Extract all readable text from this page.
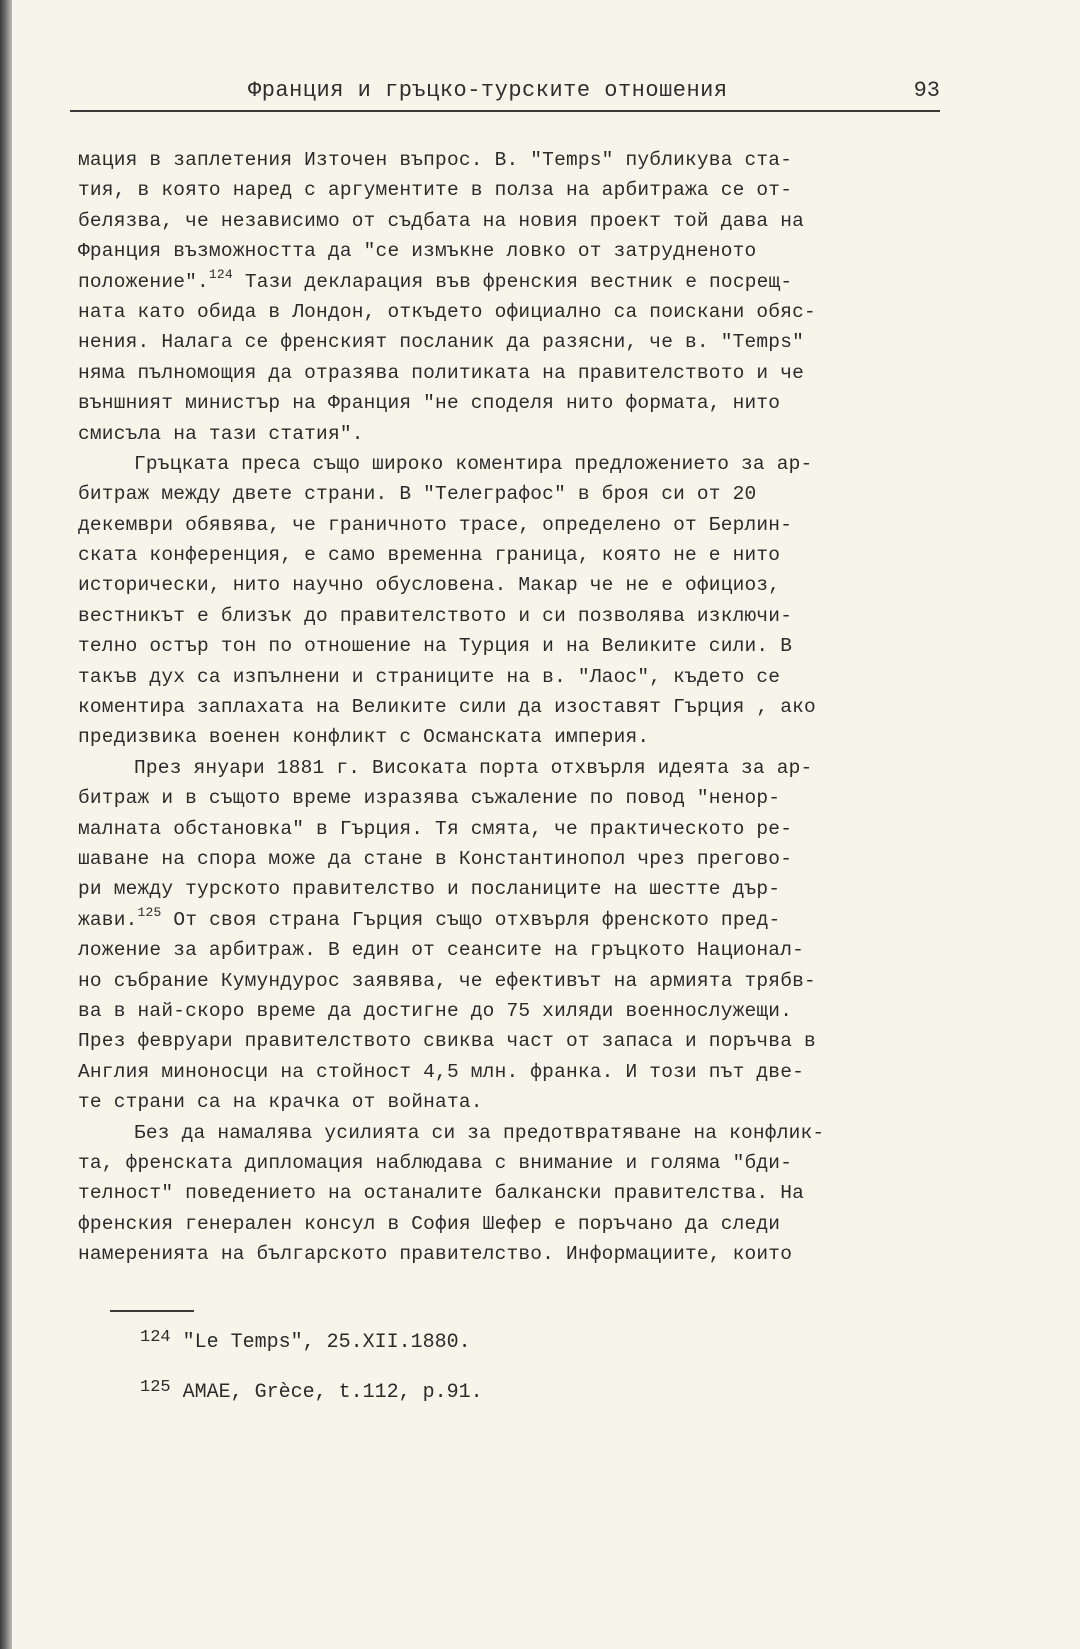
Франция и гръцко-турските отношения	93
мация в заплетения Източен въпрос. В. "Temps" публикува ста-
тия, в която наред с аргументите в полза на арбитража се от-
белязва, че независимо от съдбата на новия проект той дава на
Франция възможността да "се измъкне ловко от затрудненото
положение".$^{124}$ Тази декларация във френския вестник е посрещ-
ната като обида в Лондон, откъдето официално са поискани обяс-
нения. Налага се френският посланик да разясни, че в. "Temps"
няма пълномощия да отразява политиката на правителството и че
външният министър на Франция "не споделя нито формата, нито
смисъла на тази статия".
Гръцката преса също широко коментира предложението за ар-
битраж между двете страни. В "Телеграфос" в броя си от 20
декември обявява, че граничното трасе, определено от Берлин-
ската конференция, е само временна граница, която не е нито
исторически, нито научно обусловена. Макар че не е официоз,
вестникът е близък до правителството и си позволява изключи-
телно остър тон по отношение на Турция и на Великите сили. В
такъв дух са изпълнени и страниците на в. "Лаос", където се
коментира заплахата на Великите сили да изоставят Гърция , ако
предизвика военен конфликт с Османската империя.
През януари 1881 г. Високата порта отхвърля идеята за ар-
битраж и в същото време изразява съжаление по повод "ненор-
малната обстановка" в Гърция. Тя смята, че практическото ре-
шаване на спора може да стане в Константинопол чрез прегово-
ри между турското правителство и посланиците на шестте дър-
жави.$^{125}$ От своя страна Гърция също отхвърля френското пред-
ложение за арбитраж. В един от сеансите на гръцкото Национал-
но събрание Кумундурос заявява, че ефективът на армията трябв-
ва в най-скоро време да достигне до 75 хиляди военнослужещи.
През февруари правителството свиква част от запаса и поръчва в
Англия миноносци на стойност 4,5 млн. франка. И този път две-
те страни са на крачка от войната.
Без да намалява усилията си за предотвратяване на конфлик-
та, френската дипломация наблюдава с внимание и голяма "бди-
телност" поведението на останалите балкански правителства. На
френския генерален консул в София Шефер е поръчано да следи
намеренията на българското правителство. Информациите, които
$^{124}$ "Le Temps", 25.XII.1880.
$^{125}$ AMAE, Grèce, t.112, p.91.
